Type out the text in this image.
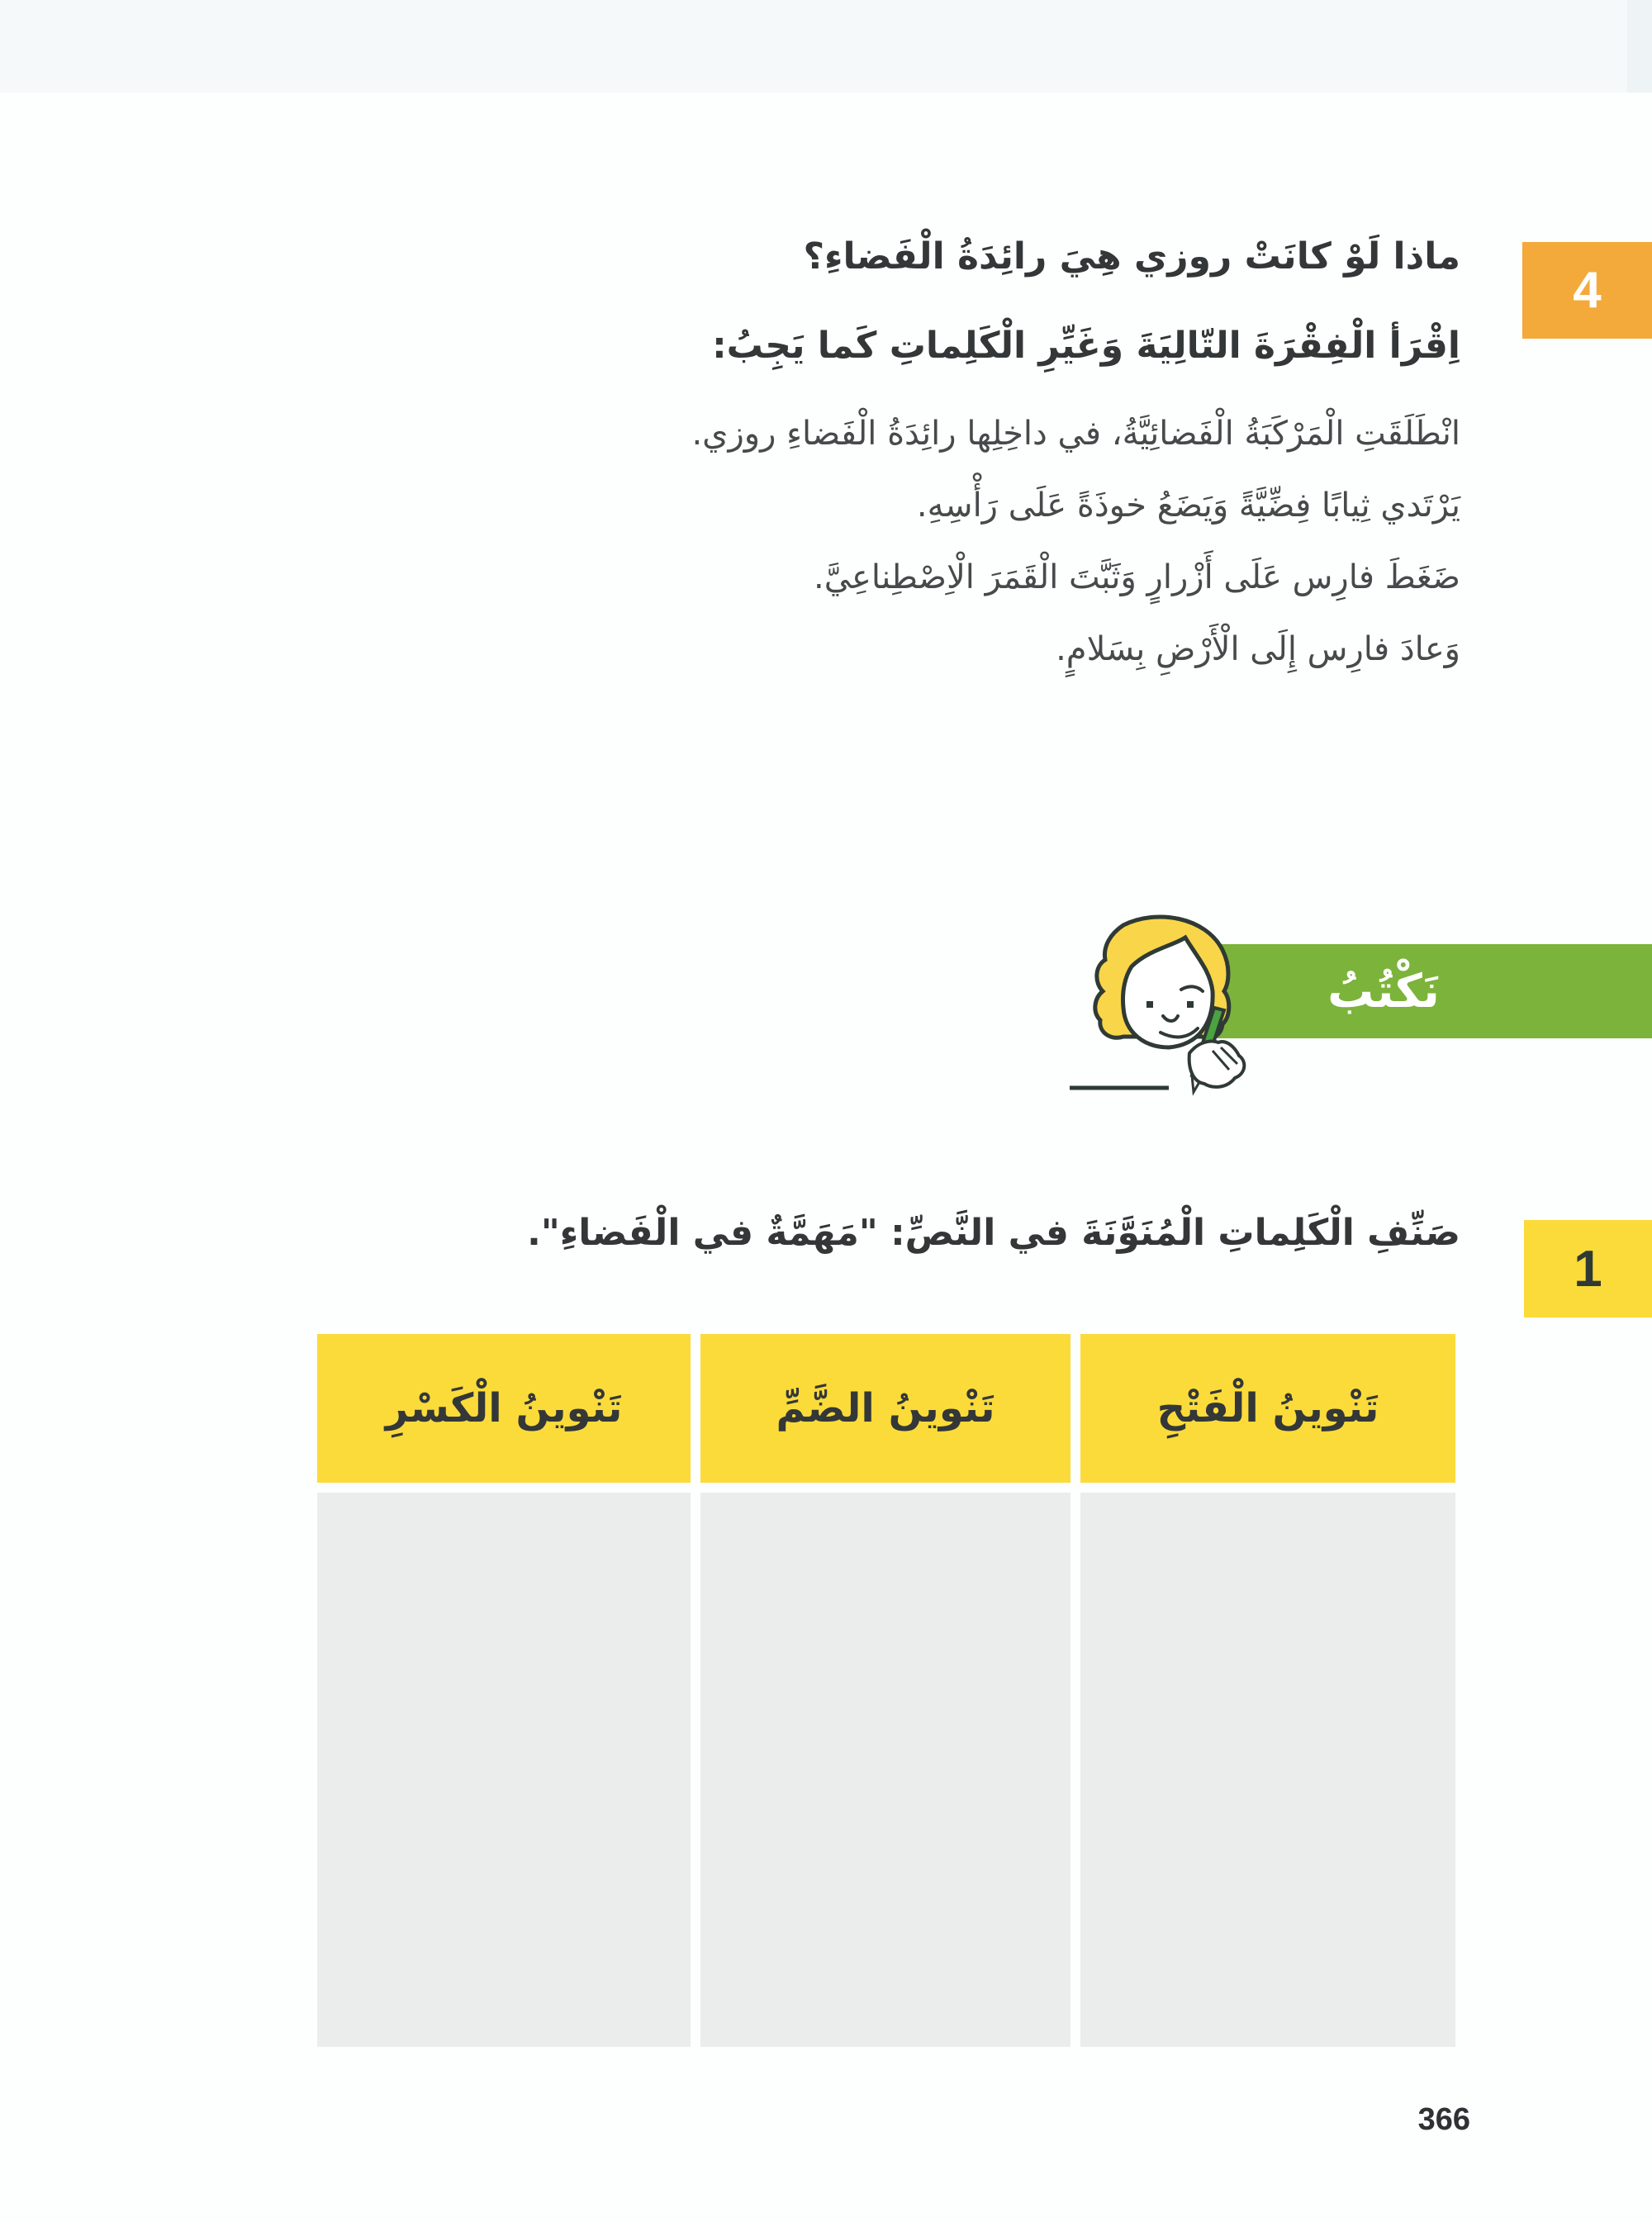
4
ماذا لَوْ كانَتْ روزي هِيَ رائِدَةُ الْفَضاءِ؟
اِقْرَأ الْفِقْرَةَ التّالِيَةَ وَغَيِّرِ الْكَلِماتِ كَما يَجِبُ:
انْطَلَقَتِ الْمَرْكَبَةُ الْفَضائِيَّةُ، في داخِلِها رائِدَةُ الْفَضاءِ روزي.
يَرْتَدي ثِيابًا فِضِّيَّةً وَيَضَعُ خوذَةً عَلَى رَأْسِهِ.
ضَغَطَ فارِس عَلَى أَزْرارٍ وَثَبَّتَ الْقَمَرَ الْاِصْطِناعِيَّ.
وَعادَ فارِس إِلَى الْأَرْضِ بِسَلامٍ.
نَكْتُبُ
1
صَنِّفِ الْكَلِماتِ الْمُنَوَّنَةَ في النَّصِّ: "مَهَمَّةٌ في الْفَضاءِ".
تَنْوينُ الْكَسْرِ	تَنْوينُ الضَّمِّ	تَنْوينُ الْفَتْحِ
366
